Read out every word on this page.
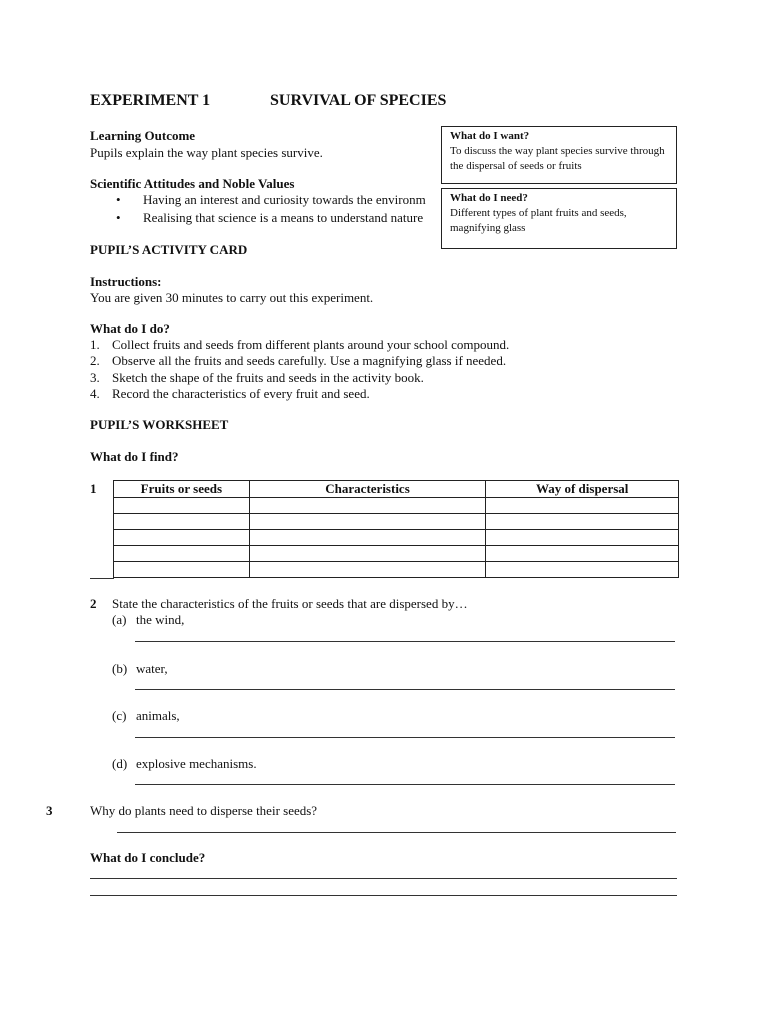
EXPERIMENT 1	SURVIVAL OF SPECIES
Learning Outcome
Pupils explain the way plant species survive.
Scientific Attitudes and Noble Values
• Having an interest and curiosity towards the environm
• Realising that science is a means to understand nature
What do I want?
To discuss the way plant species survive through the dispersal of seeds or fruits
What do I need?
Different types of plant fruits and seeds, magnifying glass
PUPIL’S ACTIVITY CARD
Instructions:
You are given 30 minutes to carry out this experiment.
What do I do?
1. Collect fruits and seeds from different plants around your school compound.
2. Observe all the fruits and seeds carefully. Use a magnifying glass if needed.
3. Sketch the shape of the fruits and seeds in the activity book.
4. Record the characteristics of every fruit and seed.
PUPIL’S WORKSHEET
What do I find?
1	Fruits or seeds	Characteristics	Way of dispersal

2 State the characteristics of the fruits or seeds that are dispersed by…
(a) the wind,
(b) water,
(c) animals,
(d) explosive mechanisms.
3	Why do plants need to disperse their seeds?
What do I conclude?
